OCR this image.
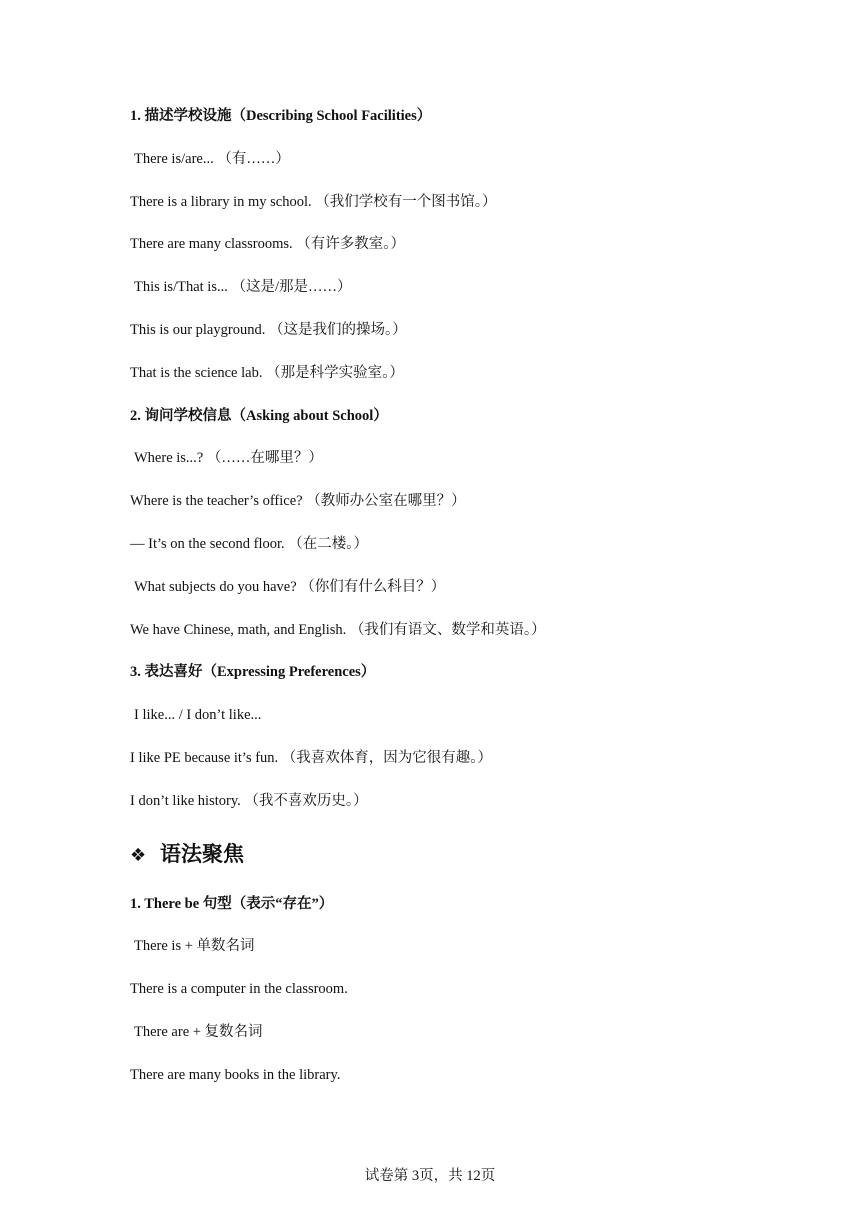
1. 描述学校设施（Describing School Facilities）
There is/are... （有……）
There is a library in my school. （我们学校有一个图书馆。）
There are many classrooms. （有许多教室。）
This is/That is... （这是/那是……）
This is our playground. （这是我们的操场。）
That is the science lab. （那是科学实验室。）
2. 询问学校信息（Asking about School）
Where is...? （……在哪里？）
Where is the teacher’s office? （教师办公室在哪里？）
— It’s on the second floor. （在二楼。）
What subjects do you have? （你们有什么科目？）
We have Chinese, math, and English. （我们有语文、数学和英语。）
3. 表达喜好（Expressing Preferences）
I like... / I don’t like...
I like PE because it’s fun. （我喜欢体育，因为它很有趣。）
I don’t like history. （我不喜欢历史。）
❖ 语法聚焦
1. There be 句型（表示“存在”）
There is + 单数名词
There is a computer in the classroom.
There are + 复数名词
There are many books in the library.
试卷第 3页，共 12页
